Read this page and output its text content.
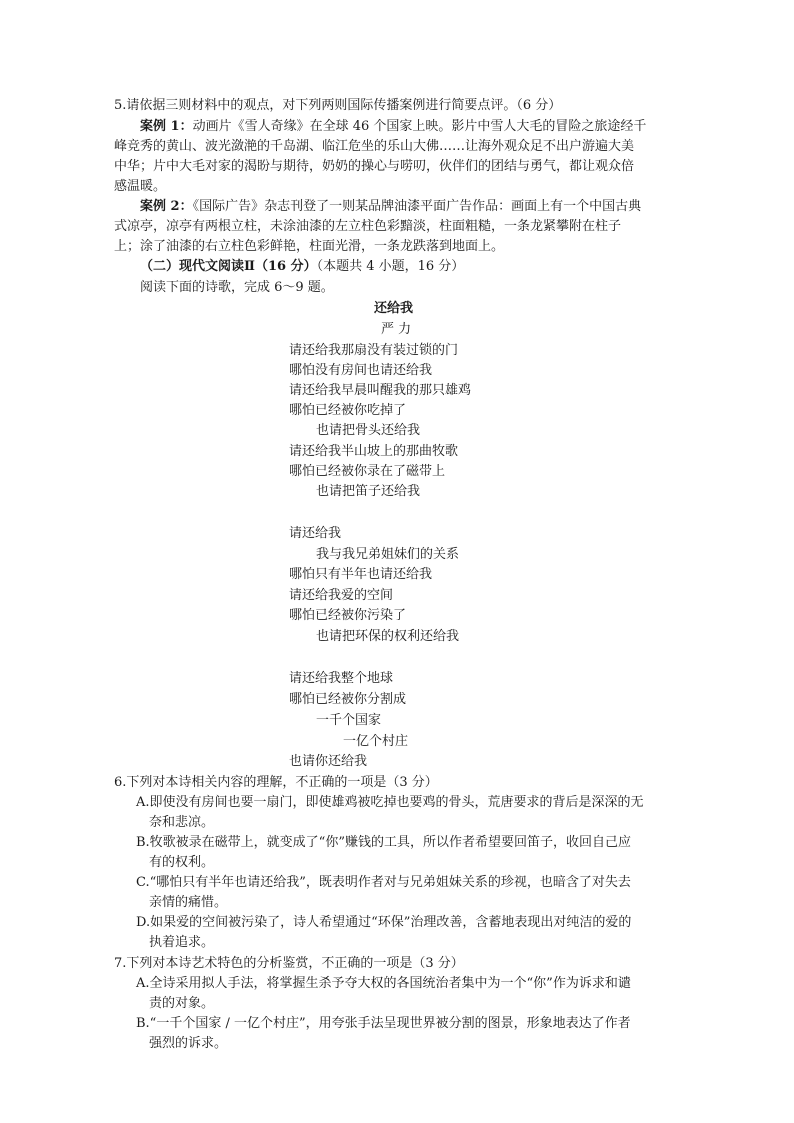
5.请依据三则材料中的观点，对下列两则国际传播案例进行简要点评。（6 分）
案例 1：动画片《雪人奇缘》在全球 46 个国家上映。影片中雪人大毛的冒险之旅途经千
峰竞秀的黄山、波光潋滟的千岛湖、临江危坐的乐山大佛……让海外观众足不出户游遍大美
中华；片中大毛对家的渴盼与期待，奶奶的操心与唠叨，伙伴们的团结与勇气，都让观众倍
感温暖。
案例 2：《国际广告》杂志刊登了一则某品牌油漆平面广告作品：画面上有一个中国古典
式凉亭，凉亭有两根立柱，未涂油漆的左立柱色彩黯淡，柱面粗糙，一条龙紧攀附在柱子
上；涂了油漆的右立柱色彩鲜艳，柱面光滑，一条龙跌落到地面上。
（二）现代文阅读Ⅱ（16 分）（本题共 4 小题，16 分）
阅读下面的诗歌，完成 6～9 题。
还给我
严 力
请还给我那扇没有装过锁的门
哪怕没有房间也请还给我
请还给我早晨叫醒我的那只雄鸡
哪怕已经被你吃掉了
也请把骨头还给我
请还给我半山坡上的那曲牧歌
哪怕已经被你录在了磁带上
也请把笛子还给我
请还给我
我与我兄弟姐妹们的关系
哪怕只有半年也请还给我
请还给我爱的空间
哪怕已经被你污染了
也请把环保的权利还给我
请还给我整个地球
哪怕已经被你分割成
一千个国家
一亿个村庄
也请你还给我
6.下列对本诗相关内容的理解，不正确的一项是（3 分）
A.即使没有房间也要一扇门，即使雄鸡被吃掉也要鸡的骨头，荒唐要求的背后是深深的无
奈和悲凉。
B.牧歌被录在磁带上，就变成了“你”赚钱的工具，所以作者希望要回笛子，收回自己应
有的权利。
C.“哪怕只有半年也请还给我”，既表明作者对与兄弟姐妹关系的珍视，也暗含了对失去
亲情的痛惜。
D.如果爱的空间被污染了，诗人希望通过“环保”治理改善，含蓄地表现出对纯洁的爱的
执着追求。
7.下列对本诗艺术特色的分析鉴赏，不正确的一项是（3 分）
A.全诗采用拟人手法，将掌握生杀予夺大权的各国统治者集中为一个“你”作为诉求和谴
责的对象。
B.“一千个国家 / 一亿个村庄”，用夸张手法呈现世界被分割的图景，形象地表达了作者
强烈的诉求。
